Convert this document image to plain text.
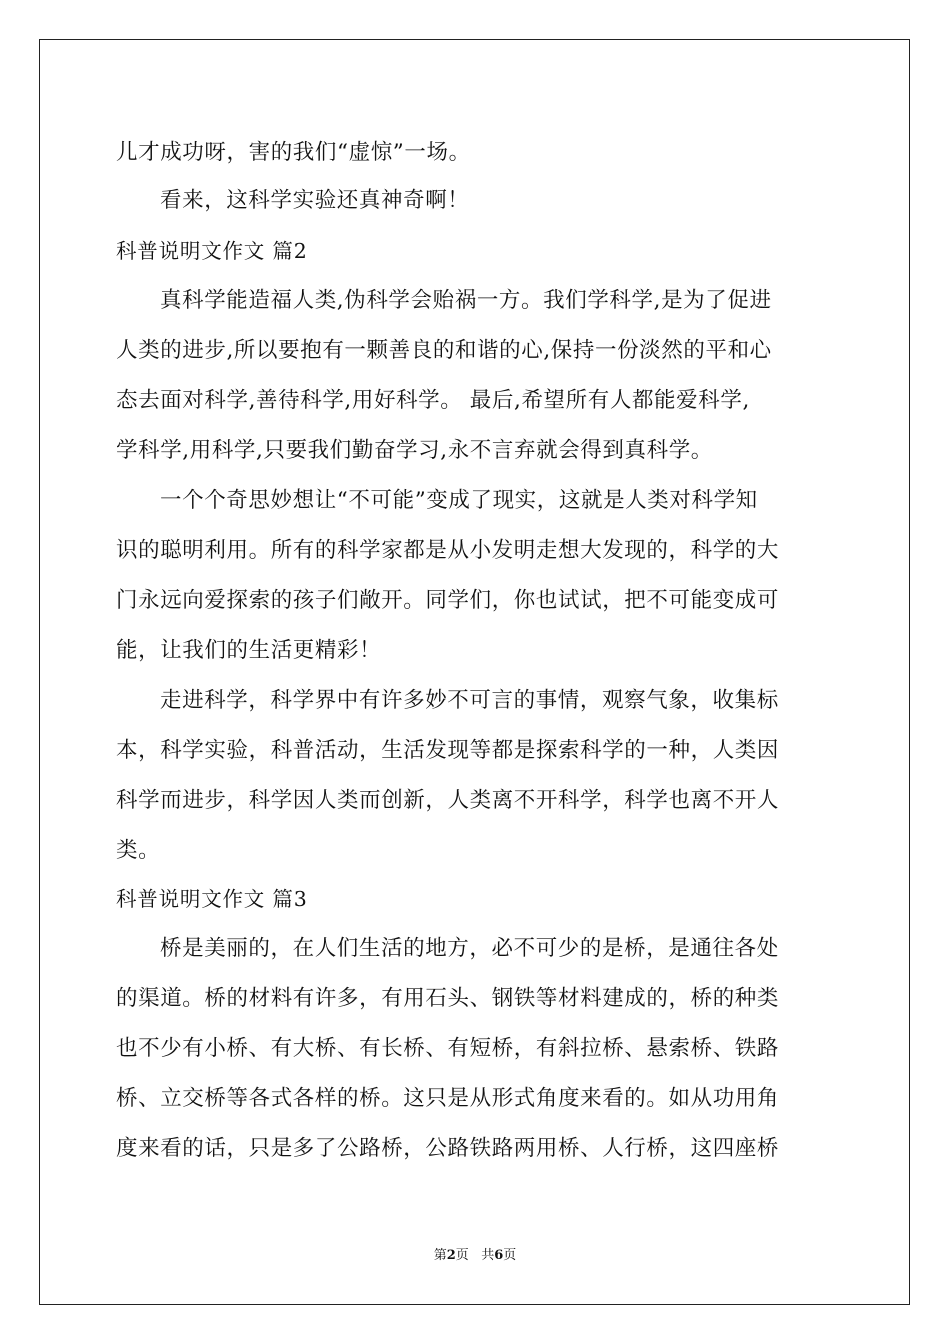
儿才成功呀，害的我们“虚惊”一场。
看来，这科学实验还真神奇啊！
科普说明文作文 篇2
真科学能造福人类,伪科学会贻祸一方。我们学科学,是为了促进
人类的进步,所以要抱有一颗善良的和谐的心,保持一份淡然的平和心
态去面对科学,善待科学,用好科学。 最后,希望所有人都能爱科学,
学科学,用科学,只要我们勤奋学习,永不言弃就会得到真科学。
一个个奇思妙想让“不可能”变成了现实，这就是人类对科学知
识的聪明利用。所有的科学家都是从小发明走想大发现的，科学的大
门永远向爱探索的孩子们敞开。同学们，你也试试，把不可能变成可
能，让我们的生活更精彩！
走进科学，科学界中有许多妙不可言的事情，观察气象，收集标
本，科学实验，科普活动，生活发现等都是探索科学的一种，人类因
科学而进步，科学因人类而创新，人类离不开科学，科学也离不开人
类。
科普说明文作文 篇3
桥是美丽的，在人们生活的地方，必不可少的是桥，是通往各处
的渠道。桥的材料有许多，有用石头、钢铁等材料建成的，桥的种类
也不少有小桥、有大桥、有长桥、有短桥，有斜拉桥、悬索桥、铁路
桥、立交桥等各式各样的桥。这只是从形式角度来看的。如从功用角
度来看的话，只是多了公路桥，公路铁路两用桥、人行桥，这四座桥
第2页 共6页
